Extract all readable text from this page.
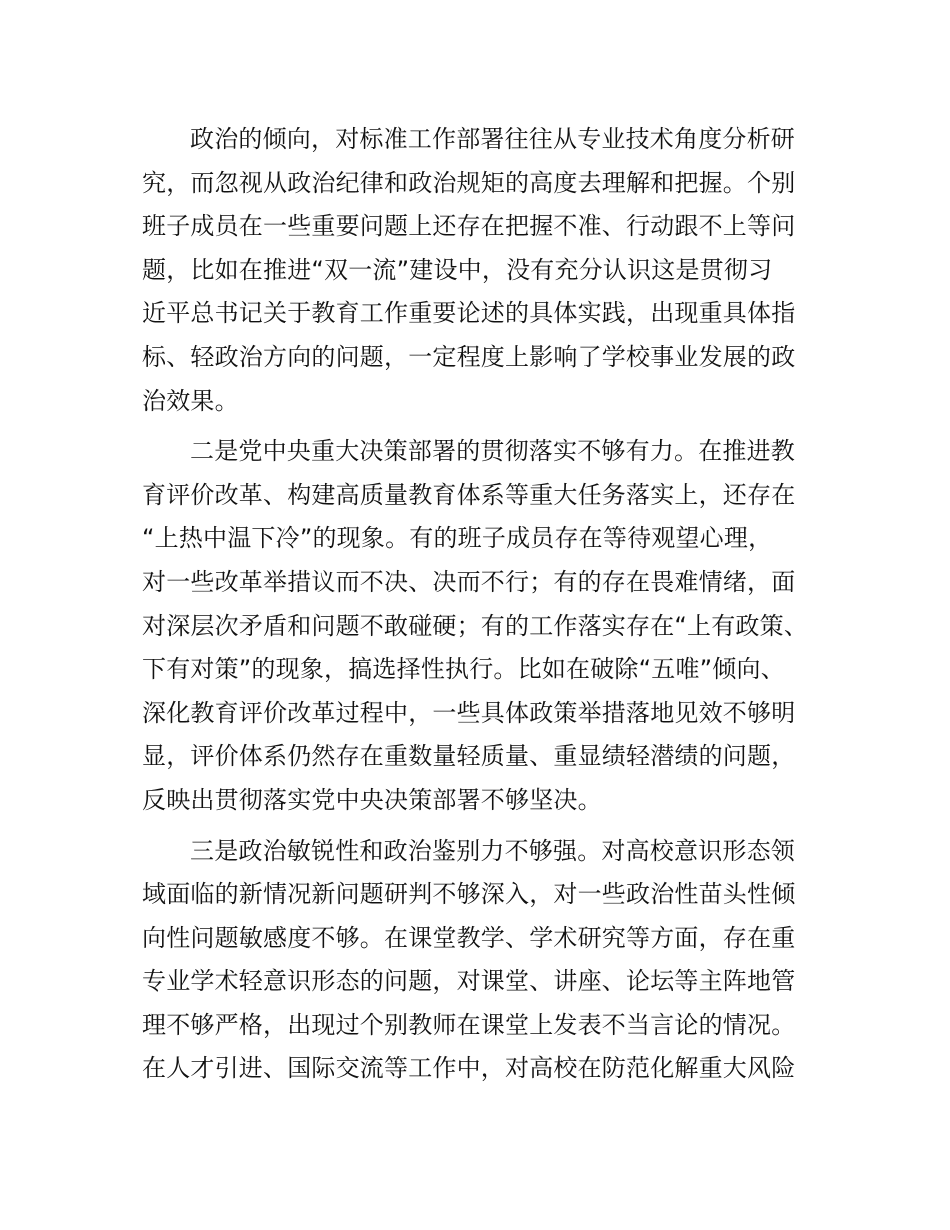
政治的倾向，对标准工作部署往往从专业技术角度分析研
究，而忽视从政治纪律和政治规矩的高度去理解和把握。个别
班子成员在一些重要问题上还存在把握不准、行动跟不上等问
题，比如在推进“双一流”建设中，没有充分认识这是贯彻习
近平总书记关于教育工作重要论述的具体实践，出现重具体指
标、轻政治方向的问题，一定程度上影响了学校事业发展的政
治效果。
二是党中央重大决策部署的贯彻落实不够有力。在推进教
育评价改革、构建高质量教育体系等重大任务落实上，还存在
“上热中温下冷”的现象。有的班子成员存在等待观望心理，
对一些改革举措议而不决、决而不行；有的存在畏难情绪，面
对深层次矛盾和问题不敢碰硬；有的工作落实存在“上有政策、
下有对策”的现象，搞选择性执行。比如在破除“五唯”倾向、
深化教育评价改革过程中，一些具体政策举措落地见效不够明
显，评价体系仍然存在重数量轻质量、重显绩轻潜绩的问题，
反映出贯彻落实党中央决策部署不够坚决。
三是政治敏锐性和政治鉴别力不够强。对高校意识形态领
域面临的新情况新问题研判不够深入，对一些政治性苗头性倾
向性问题敏感度不够。在课堂教学、学术研究等方面，存在重
专业学术轻意识形态的问题，对课堂、讲座、论坛等主阵地管
理不够严格，出现过个别教师在课堂上发表不当言论的情况。
在人才引进、国际交流等工作中，对高校在防范化解重大风险
